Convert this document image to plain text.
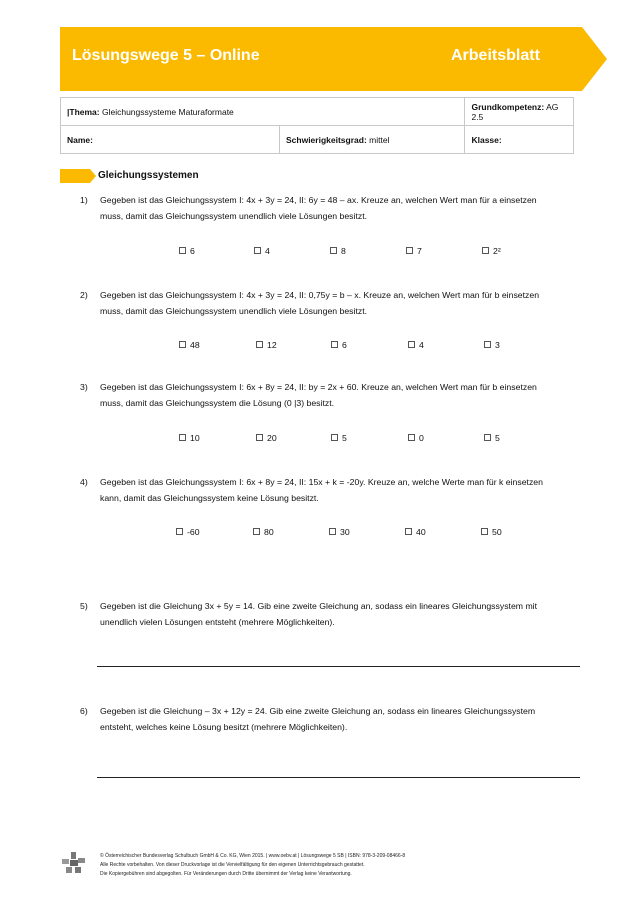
Lösungswege 5 – Online	Arbeitsblatt
|Thema: Gleichungssysteme Maturaformate		Grundkompetenz: AG 2.5
Name:	Schwierigkeitsgrad: mittel	Klasse:
Gleichungssystemen
1) Gegeben ist das Gleichungssystem I: 4x + 3y = 24, II: 6y = 48 – ax. Kreuze an, welchen Wert man für a einsetzen muss, damit das Gleichungssystem unendlich viele Lösungen besitzt.
6	4	8	7	2²
2) Gegeben ist das Gleichungssystem I: 4x + 3y = 24, II: 0,75y = b – x. Kreuze an, welchen Wert man für b einsetzen muss, damit das Gleichungssystem unendlich viele Lösungen besitzt.
48	12	6	4	3
3) Gegeben ist das Gleichungssystem I: 6x + 8y = 24, II: by = 2x + 60. Kreuze an, welchen Wert man für b einsetzen muss, damit das Gleichungssystem die Lösung (0 |3) besitzt.
10	20	5	0	5
4) Gegeben ist das Gleichungssystem I: 6x + 8y = 24, II: 15x + k = -20y. Kreuze an, welche Werte man für k einsetzen kann, damit das Gleichungssystem keine Lösung besitzt.
-60	80	30	40	50
5) Gegeben ist die Gleichung 3x + 5y = 14. Gib eine zweite Gleichung an, sodass ein lineares Gleichungssystem mit unendlich vielen Lösungen entsteht (mehrere Möglichkeiten).
6) Gegeben ist die Gleichung – 3x + 12y = 24. Gib eine zweite Gleichung an, sodass ein lineares Gleichungssystem entsteht, welches keine Lösung besitzt (mehrere Möglichkeiten).
© Österreichischer Bundesverlag Schulbuch GmbH & Co. KG, Wien 2015. | www.oebv.at | Lösungswege 5 SB | ISBN: 978-3-209-08466-8
Alle Rechte vorbehalten. Von dieser Druckvorlage ist die Vervielfältigung für den eigenen Unterrichtsgebrauch gestattet.
Die Kopiergebühren sind abgegolten. Für Veränderungen durch Dritte übernimmt der Verlag keine Verantwortung.
